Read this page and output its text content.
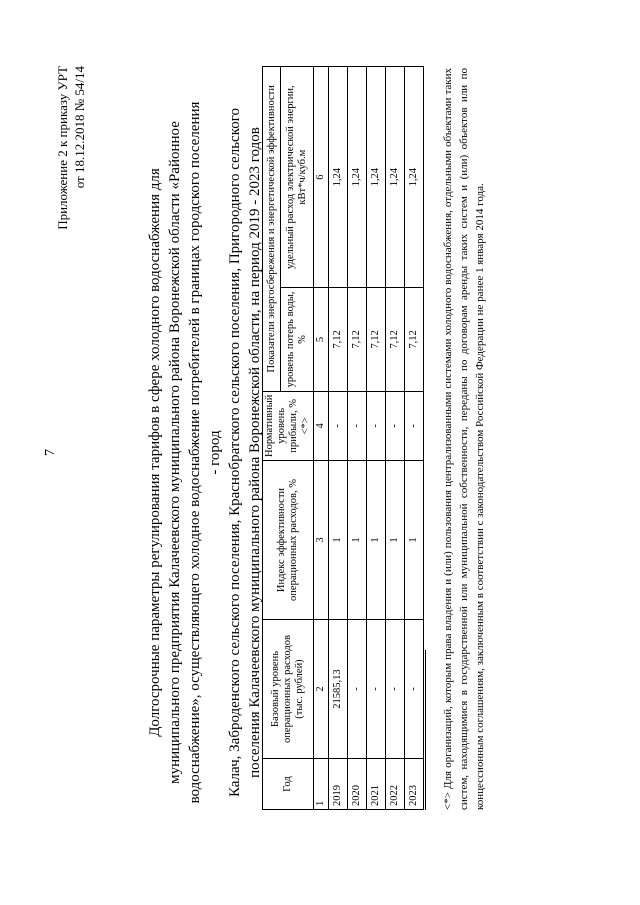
7
Приложение 2 к приказу УРТ от 18.12.2018 № 54/14
Долгосрочные параметры регулирования тарифов в сфере холодного водоснабжения для муниципального предприятия Калачеевского муниципального района Воронежской области «Районное водоснабжение», осуществляющего холодное водоснабжение потребителей в границах городского поселения - город Калач, Заброденского сельского поселения, Краснобратского сельского поселения, Пригородного сельского поселения Калачеевского муниципального района Воронежской области, на период 2019 - 2023 годов
Год	Базовый уровень операционных расходов (тыс. рублей)	Индекс эффективности операционных расходов, %	Нормативный уровень прибыли, % <*>	Показатели энергосбережения и энергетической эффективности	
				уровень потерь воды, %	удельный расход электрической энергии, кВт*ч/куб.м
1	2	3	4	5	6
2019	21585,13	1	-	7,12	1,24
2020	-	1	-	7,12	1,24
2021	-	1	-	7,12	1,24
2022	-	1	-	7,12	1,24
2023	-	1	-	7,12	1,24 <*> Для организаций, которым права владения и (или) пользования централизованными системами холодного водоснабжения, отдельными объектами таких систем, находящимися в государственной или муниципальной собственности, переданы по договорам аренды таких систем и (или) объектов или по концессионным соглашениям, заключенным в соответствии с законодательством Российской Федерации не ранее 1 января 2014 года.
